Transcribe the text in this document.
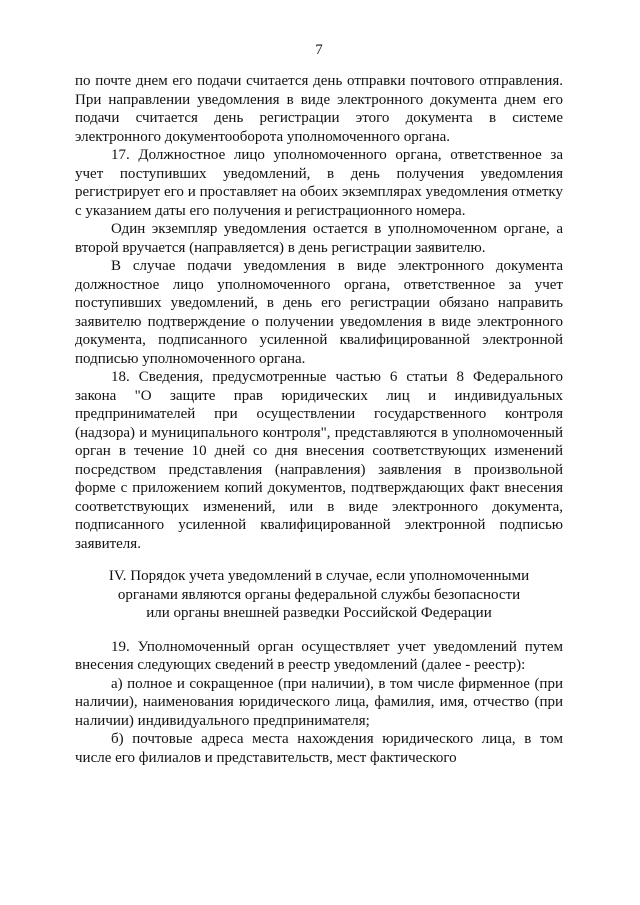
7

по почте днем его подачи считается день отправки почтового отправления. При направлении уведомления в виде электронного документа днем его подачи считается день регистрации этого документа в системе электронного документооборота уполномоченного органа.

17. Должностное лицо уполномоченного органа, ответственное за учет поступивших уведомлений, в день получения уведомления регистрирует его и проставляет на обоих экземплярах уведомления отметку с указанием даты его получения и регистрационного номера.

Один экземпляр уведомления остается в уполномоченном органе, а второй вручается (направляется) в день регистрации заявителю.

В случае подачи уведомления в виде электронного документа должностное лицо уполномоченного органа, ответственное за учет поступивших уведомлений, в день его регистрации обязано направить заявителю подтверждение о получении уведомления в виде электронного документа, подписанного усиленной квалифицированной электронной подписью уполномоченного органа.

18. Сведения, предусмотренные частью 6 статьи 8 Федерального закона "О защите прав юридических лиц и индивидуальных предпринимателей при осуществлении государственного контроля (надзора) и муниципального контроля", представляются в уполномоченный орган в течение 10 дней со дня внесения соответствующих изменений посредством представления (направления) заявления в произвольной форме с приложением копий документов, подтверждающих факт внесения соответствующих изменений, или в виде электронного документа, подписанного усиленной квалифицированной электронной подписью заявителя.

IV. Порядок учета уведомлений в случае, если уполномоченными
органами являются органы федеральной службы безопасности
или органы внешней разведки Российской Федерации

19. Уполномоченный орган осуществляет учет уведомлений путем внесения следующих сведений в реестр уведомлений (далее - реестр):

а) полное и сокращенное (при наличии), в том числе фирменное (при наличии), наименования юридического лица, фамилия, имя, отчество (при наличии) индивидуального предпринимателя;

б) почтовые адреса места нахождения юридического лица, в том числе его филиалов и представительств, мест фактического
